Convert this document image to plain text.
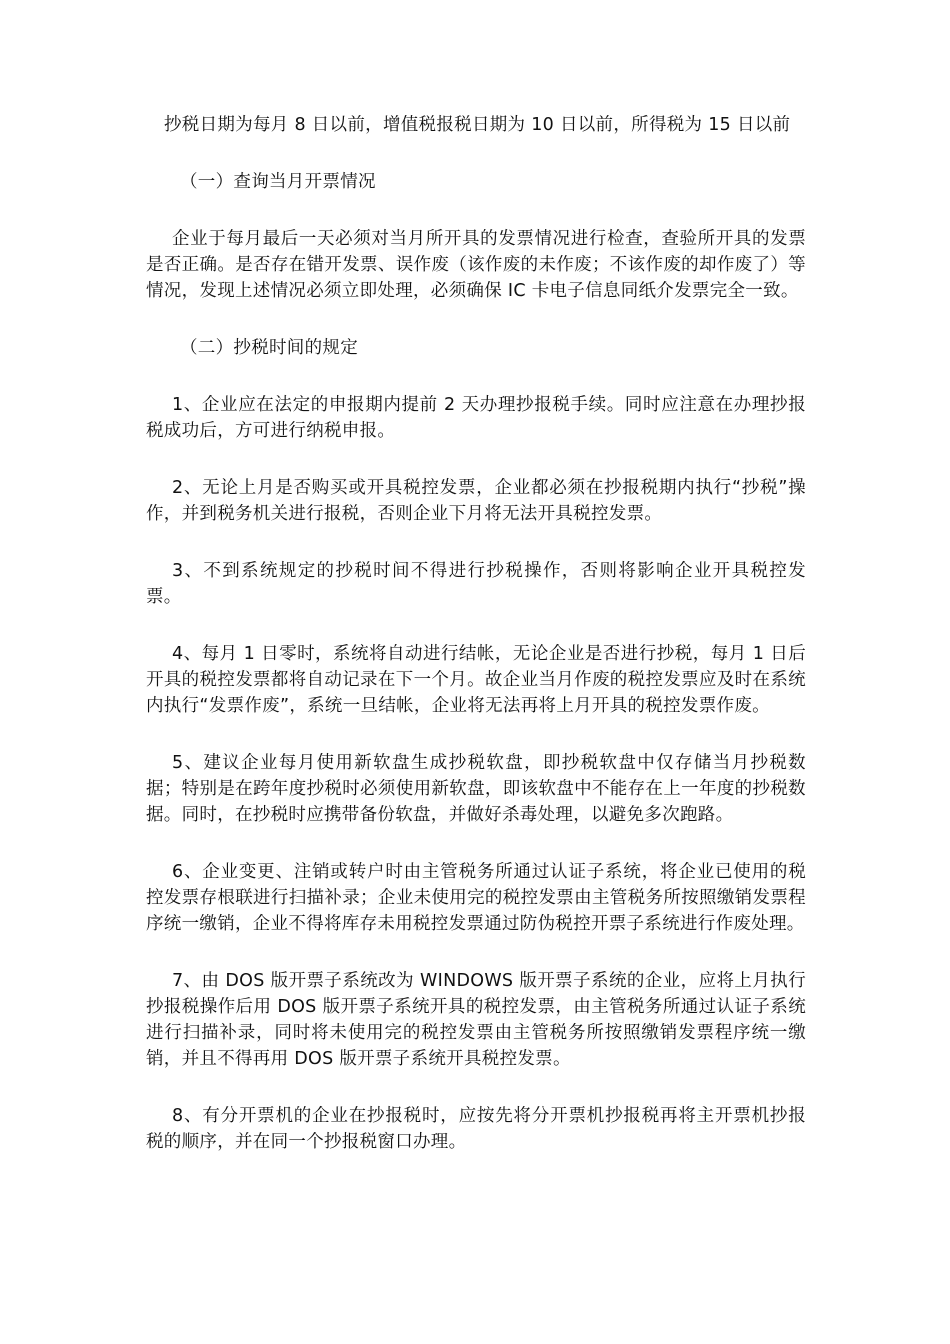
抄税日期为每月 8 日以前，增值税报税日期为 10 日以前，所得税为 15 日以前

（一）查询当月开票情况

企业于每月最后一天必须对当月所开具的发票情况进行检查，查验所开具的发票是否正确。是否存在错开发票、误作废（该作废的未作废；不该作废的却作废了）等情况，发现上述情况必须立即处理，必须确保 IC 卡电子信息同纸介发票完全一致。

（二）抄税时间的规定

1、企业应在法定的申报期内提前 2 天办理抄报税手续。同时应注意在办理抄报税成功后，方可进行纳税申报。

2、无论上月是否购买或开具税控发票，企业都必须在抄报税期内执行“抄税”操作，并到税务机关进行报税，否则企业下月将无法开具税控发票。

3、不到系统规定的抄税时间不得进行抄税操作，否则将影响企业开具税控发票。

4、每月 1 日零时，系统将自动进行结帐，无论企业是否进行抄税，每月 1 日后开具的税控发票都将自动记录在下一个月。故企业当月作废的税控发票应及时在系统内执行“发票作废”，系统一旦结帐，企业将无法再将上月开具的税控发票作废。

5、建议企业每月使用新软盘生成抄税软盘，即抄税软盘中仅存储当月抄税数据；特别是在跨年度抄税时必须使用新软盘，即该软盘中不能存在上一年度的抄税数据。同时，在抄税时应携带备份软盘，并做好杀毒处理，以避免多次跑路。

6、企业变更、注销或转户时由主管税务所通过认证子系统，将企业已使用的税控发票存根联进行扫描补录；企业未使用完的税控发票由主管税务所按照缴销发票程序统一缴销，企业不得将库存未用税控发票通过防伪税控开票子系统进行作废处理。

7、由 DOS 版开票子系统改为 WINDOWS 版开票子系统的企业，应将上月执行抄报税操作后用 DOS 版开票子系统开具的税控发票，由主管税务所通过认证子系统进行扫描补录，同时将未使用完的税控发票由主管税务所按照缴销发票程序统一缴销，并且不得再用 DOS 版开票子系统开具税控发票。

8、有分开票机的企业在抄报税时，应按先将分开票机抄报税再将主开票机抄报税的顺序，并在同一个抄报税窗口办理。
